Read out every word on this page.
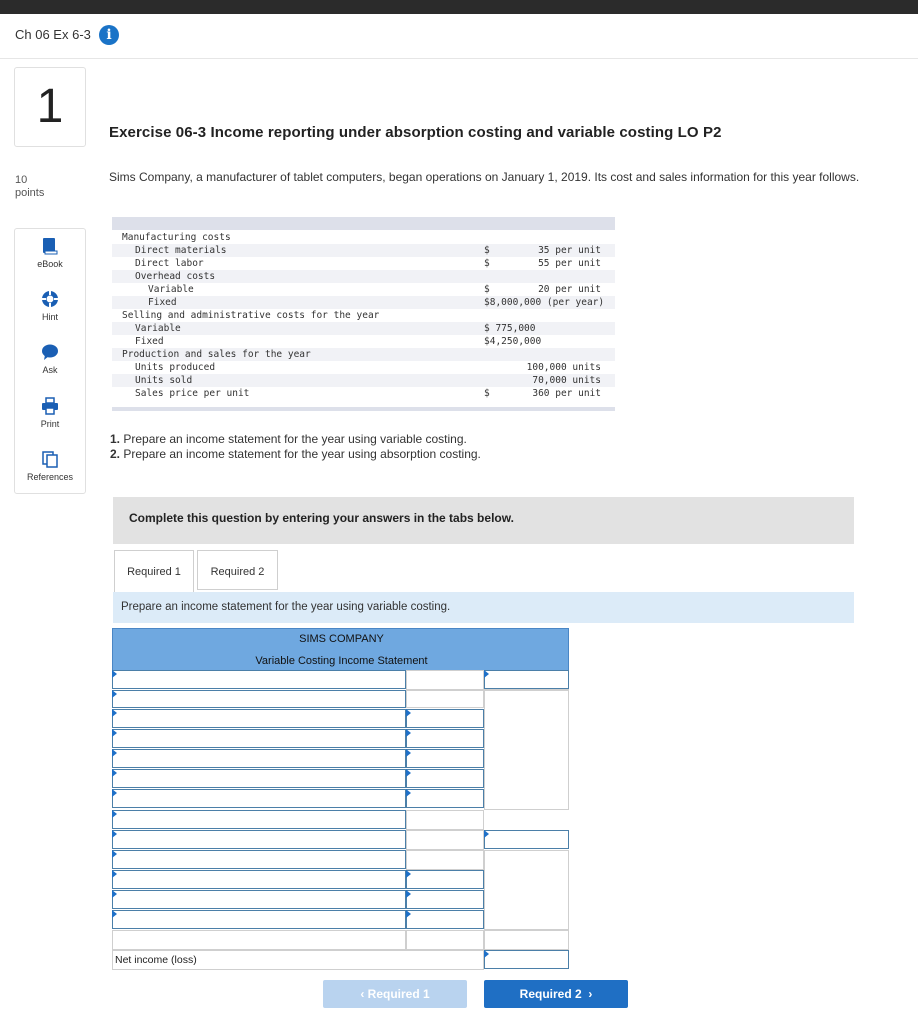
Ch 06 Ex 6-3	i
1
10
points
eBook
Hint
Ask
Print
References
Exercise 06-3 Income reporting under absorption costing and variable costing LO P2
Sims Company, a manufacturer of tablet computers, began operations on January 1, 2019. Its cost and sales information for this year follows.
Manufacturing costs
Direct materials	$	35 per unit
Direct labor	$	55 per unit
Overhead costs
Variable	$	20 per unit
Fixed	$8,000,000 (per year)
Selling and administrative costs for the year
Variable	$ 775,000
Fixed	$4,250,000
Production and sales for the year
Units produced	100,000 units
Units sold	70,000 units
Sales price per unit	$	360 per unit
1. Prepare an income statement for the year using variable costing.
2. Prepare an income statement for the year using absorption costing.
Complete this question by entering your answers in the tabs below.
Required 1	Required 2
Prepare an income statement for the year using variable costing.
SIMS COMPANY
Variable Costing Income Statement
Net income (loss)
‹ Required 1	Required 2  ›
